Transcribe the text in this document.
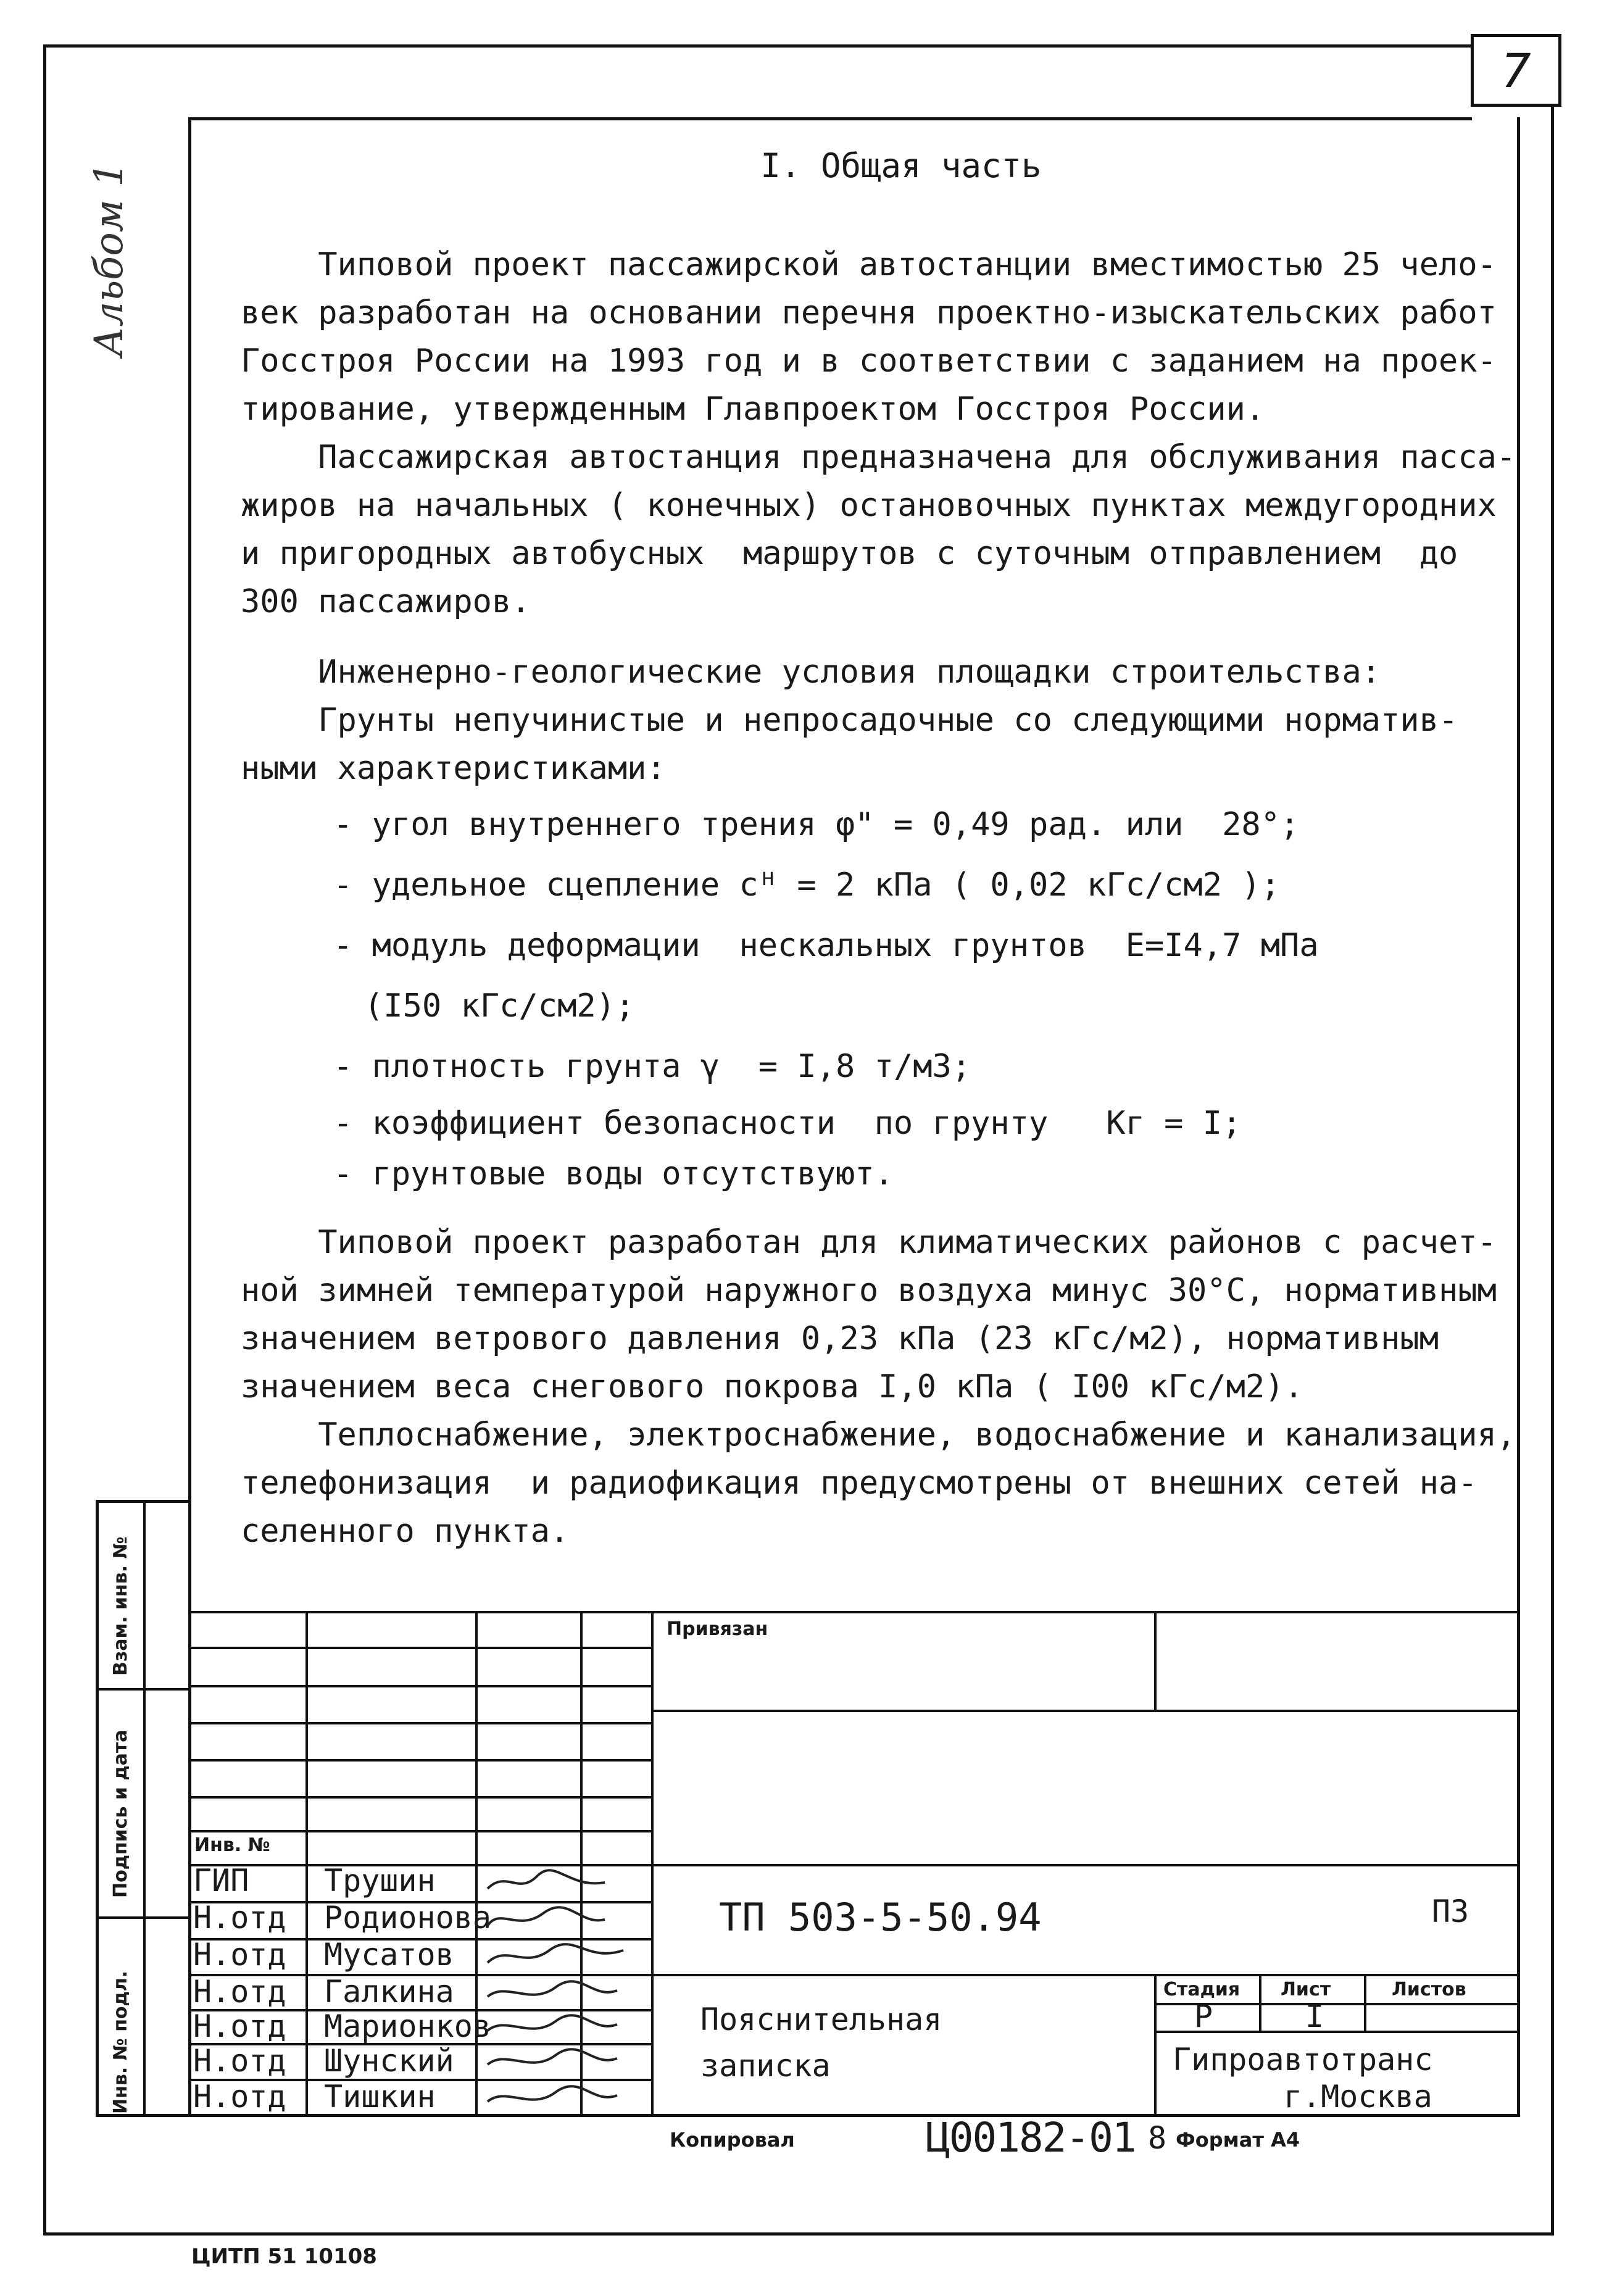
7
Альбом 1	I. Общая часть
Типовой проект пассажирской автостанции вместимостью 25 чело-
век разработан на основании перечня проектно-изыскательских работ
Госстроя России на 1993 год и в соответствии с заданием на проек-
тирование, утвержденным Главпроектом Госстроя России.
Пассажирская автостанция предназначена для обслуживания пасса-
жиров на начальных ( конечных) остановочных пунктах междугородних
и пригородных автобусных  маршрутов с суточным отправлением  до
300 пассажиров.
Инженерно-геологические условия площадки строительства:
Грунты непучинистые и непросадочные со следующими норматив-
ными характеристиками:
- угол внутреннего трения φ" = 0,49 рад. или  28°;
- удельное сцепление сᴴ = 2 кПа ( 0,02 кГс/см2 );
- модуль деформации  нескальных грунтов  Е=I4,7 мПа
(I50 кГс/см2);
- плотность грунта γ  = I,8 т/м3;
- коэффициент безопасности  по грунту   Кг = I;
- грунтовые воды отсутствуют.
Типовой проект разработан для климатических районов с расчет-
ной зимней температурой наружного воздуха минус 30°С, нормативным
значением ветрового давления 0,23 кПа (23 кГс/м2), нормативным
значением веса снегового покрова I,0 кПа ( I00 кГс/м2).
Теплоснабжение, электроснабжение, водоснабжение и канализация,
телефонизация  и радиофикация предусмотрены от внешних сетей на-
селенного пункта.
Взам. инв. №
Подпись и дата
Инв. № подл.
Привязан
Инв. №
ТП 503-5-50.94	ПЗ
Пояснительная
записка
Стадия Лист	Листов
Р	I
Гипроавтотранс
г.Москва
ГИП Трушин
Н.отд Родионова
Н.отд Мусатов
Н.отд Галкина
Н.отд Марионков
Н.отд Шунский
Н.отд Тишкин
Копировал	Ц00182-01 8 Формат А4
ЦИТП 51 10108
